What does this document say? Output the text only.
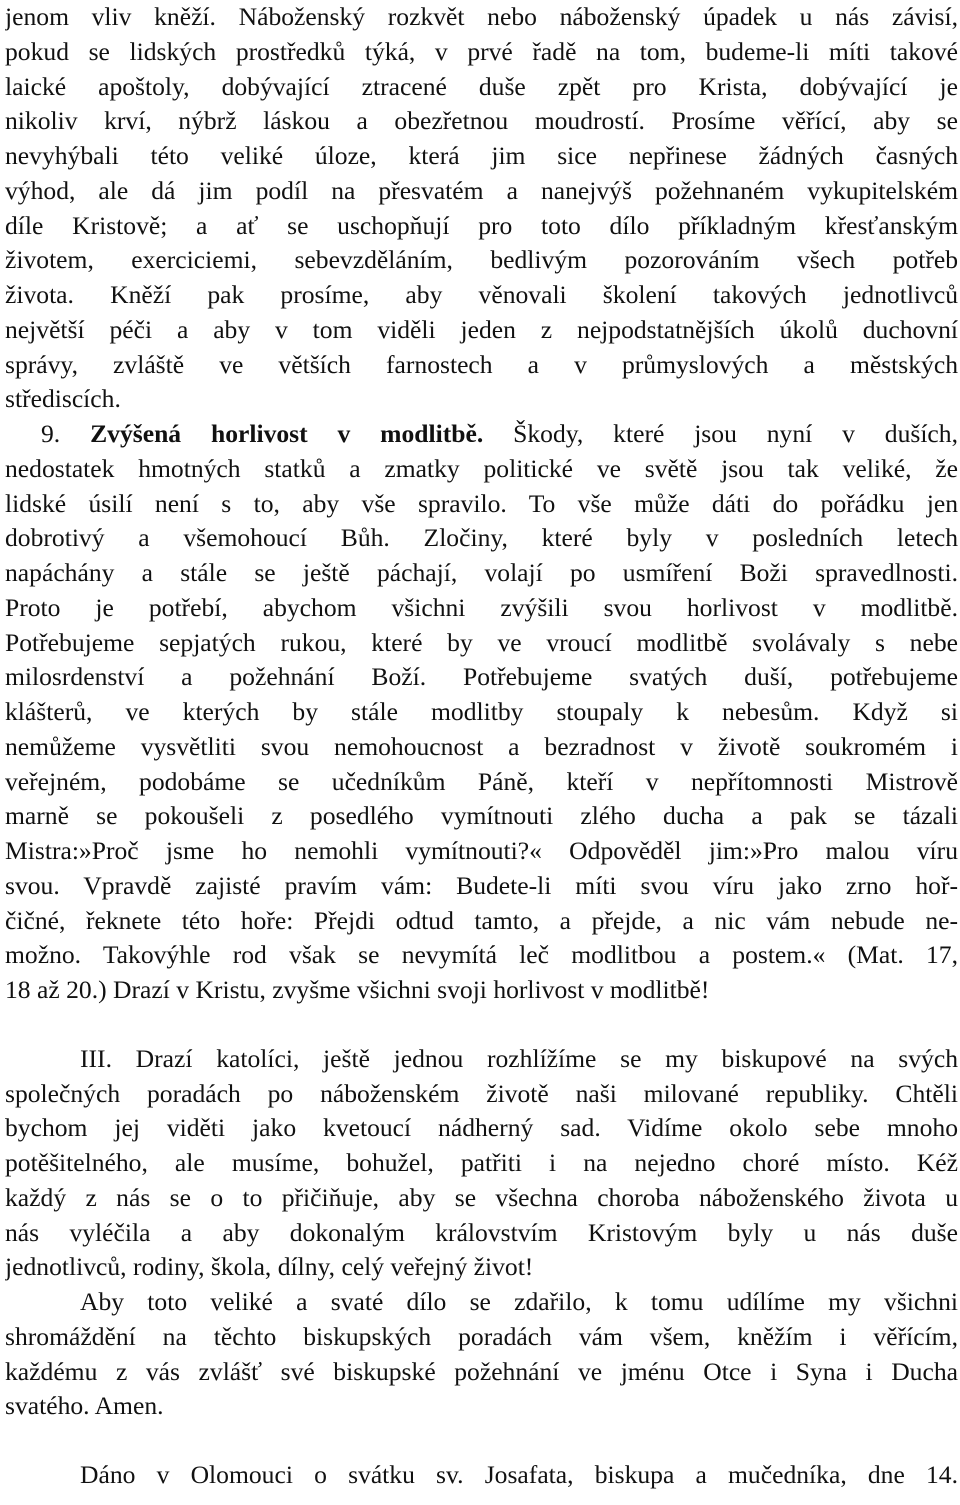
jenom vliv kněží. Náboženský rozkvět nebo náboženský úpadek u nás závisí,
pokud se lidských prostředků týká, v prvé řadě na tom, budeme-li míti takové
laické apoštoly, dobývající ztracené duše zpět pro Krista, dobývající je
nikoliv krví, nýbrž láskou a obezřetnou moudrostí. Prosíme věřící, aby se
nevyhýbali této veliké úloze, která jim sice nepřinese žádných časných
výhod, ale dá jim podíl na přesvatém a nanejvýš požehnaném vykupitelském
díle Kristově; a ať se uschopňují pro toto dílo příkladným křesťanským
životem, exerciciemi, sebevzděláním, bedlivým pozorováním všech potřeb
života. Kněží pak prosíme, aby věnovali školení takových jednotlivců
největší péči a aby v tom viděli jeden z nejpodstatnějších úkolů duchovní
správy, zvláště ve větších farnostech a v průmyslových a městských
střediscích.
9. Zvýšená horlivost v modlitbě. Škody, které jsou nyní v duších,
nedostatek hmotných statků a zmatky politické ve světě jsou tak veliké, že
lidské úsilí není s to, aby vše spravilo. To vše může dáti do pořádku jen
dobrotivý a všemohoucí Bůh. Zločiny, které byly v posledních letech
napáchány a stále se ještě páchají, volají po usmíření Boži spravedlnosti.
Proto je potřebí, abychom všichni zvýšili svou horlivost v modlitbě.
Potřebujeme sepjatých rukou, které by ve vroucí modlitbě svolávaly s nebe
milosrdenství a požehnání Boží. Potřebujeme svatých duší, potřebujeme
klášterů, ve kterých by stále modlitby stoupaly k nebesům. Když si
nemůžeme vysvětliti svou nemohoucnost a bezradnost v životě soukromém i
veřejném, podobáme se učedníkům Páně, kteří v nepřítomnosti Mistrově
marně se pokoušeli z posedlého vymítnouti zlého ducha a pak se tázali
Mistra:»Proč jsme ho nemohli vymítnouti?« Odpověděl jim:»Pro malou víru
svou. Vpravdě zajisté pravím vám: Budete-li míti svou víru jako zrno hoř-
čičné, řeknete této hoře: Přejdi odtud tamto, a přejde, a nic vám nebude ne-
možno. Takovýhle rod však se nevymítá leč modlitbou a postem.« (Mat. 17,
18 až 20.) Drazí v Kristu, zvyšme všichni svoji horlivost v modlitbě!
III. Drazí katolíci, ještě jednou rozhlížíme se my biskupové na svých
společných poradách po náboženském životě naši milované republiky. Chtěli
bychom jej viděti jako kvetoucí nádherný sad. Vidíme okolo sebe mnoho
potěšitelného, ale musíme, bohužel, patřiti i na nejedno choré místo. Kéž
každý z nás se o to přičiňuje, aby se všechna choroba náboženského života u
nás vyléčila a aby dokonalým královstvím Kristovým byly u nás duše
jednotlivců, rodiny, škola, dílny, celý veřejný život!
Aby toto veliké a svaté dílo se zdařilo, k tomu udílíme my všichni
shromáždění na těchto biskupských poradách vám všem, kněžím i věřícím,
každému z vás zvlášť své biskupské požehnání ve jménu Otce i Syna i Ducha
svatého. Amen.
Dáno v Olomouci o svátku sv. Josafata, biskupa a mučedníka, dne 14.
